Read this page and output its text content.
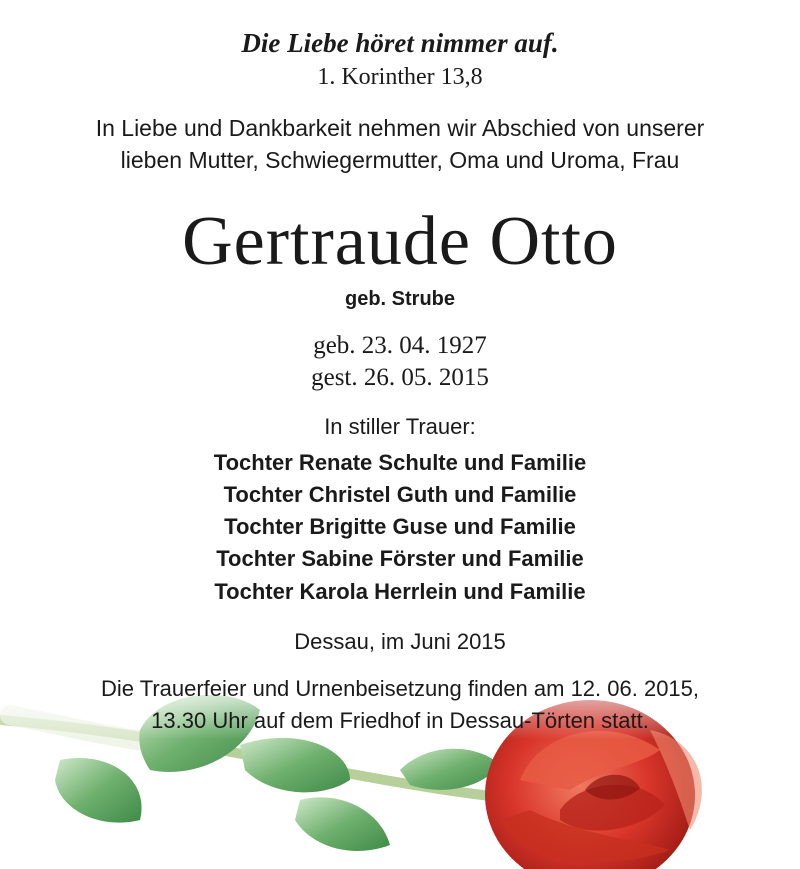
Die Liebe höret nimmer auf.
1. Korinther 13,8
In Liebe und Dankbarkeit nehmen wir Abschied von unserer
lieben Mutter, Schwiegermutter, Oma und Uroma, Frau
Gertraude Otto
geb. Strube
geb. 23. 04. 1927
gest. 26. 05. 2015
In stiller Trauer:
Tochter Renate Schulte und Familie
Tochter Christel Guth und Familie
Tochter Brigitte Guse und Familie
Tochter Sabine Förster und Familie
Tochter Karola Herrlein und Familie
Dessau, im Juni 2015
Die Trauerfeier und Urnenbeisetzung finden am 12. 06. 2015,
13.30 Uhr auf dem Friedhof in Dessau-Törten statt.
